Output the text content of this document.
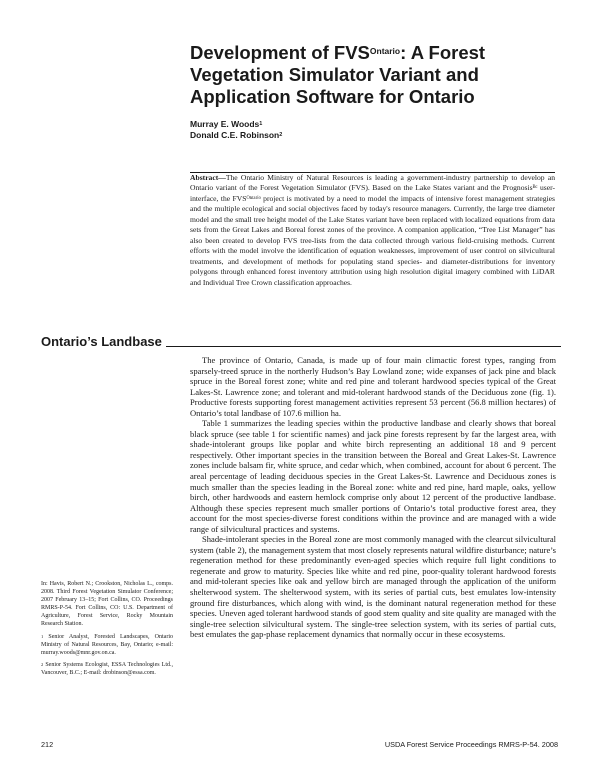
Development of $FVS^{Ontario}$: A Forest Vegetation Simulator Variant and Application Software for Ontario
Murray E. Woods$^1$
Donald C.E. Robinson$^2$
Abstract—The Ontario Ministry of Natural Resources is leading a government-industry partnership to develop an Ontario variant of the Forest Vegetation Simulator (FVS). Based on the Lake States variant and the Prognosisᴮᶜ user-interface, the FVSᴼⁿᵗᵃʳⁱᵒ project is motivated by a need to model the impacts of intensive forest management strategies and the multiple ecological and social objectives faced by today's resource managers. Currently, the large tree diameter model and the small tree height model of the Lake States variant have been replaced with localized equations from data sets from the Great Lakes and Boreal forest zones of the province. A companion application, “Tree List Manager” has also been created to develop FVS tree-lists from the data collected through various field-cruising methods. Current efforts with the model involve the identification of equation weaknesses, improvement of user control on silvicultural treatments, and development of methods for populating stand species- and diameter-distributions for inventory polygons through enhanced forest inventory attribution using high resolution digital imagery combined with LiDAR and Individual Tree Crown classification approaches.
Ontario’s Landbase

The province of Ontario, Canada, is made up of four main climactic forest types, ranging from sparsely-treed spruce in the northerly Hudson’s Bay Lowland zone; wide expanses of jack pine and black spruce in the Boreal forest zone; white and red pine and tolerant hardwood species typical of the Great Lakes-St. Lawrence zone; and tolerant and mid-tolerant hardwood stands of the Deciduous zone (fig. 1). Productive forests supporting forest management activities represent 53 percent (56.8 million hectares) of Ontario’s total landbase of 107.6 million ha.

Table 1 summarizes the leading species within the productive landbase and clearly shows that boreal black spruce (see table 1 for scientific names) and jack pine forests represent by far the largest area, with shade-intolerant groups like poplar and white birch representing an additional 18 and 9 percent respectively. Other important species in the transition between the Boreal and Great Lakes-St. Lawrence zones include balsam fir, white spruce, and cedar which, when combined, account for about 6 percent. The areal percentage of leading deciduous species in the Great Lakes-St. Lawrence and Deciduous zones is much smaller than the species leading in the Boreal zone: white and red pine, hard maple, oaks, yellow birch, other hardwoods and eastern hemlock comprise only about 12 percent of the productive landbase. Although these species represent much smaller portions of Ontario’s total productive forest area, they account for the most species-diverse forest conditions within the province and are managed with a wide range of silvicultural practices and systems.

Shade-intolerant species in the Boreal zone are most commonly managed with the clearcut silvicultural system (table 2), the management system that most closely represents natural wildfire disturbance; nature’s regeneration method for these predominantly even-aged species which require full light conditions to regenerate and grow to maturity. Species like white and red pine, poor-quality tolerant hardwood forests and mid-tolerant species like oak and yellow birch are managed through the application of the uniform shelterwood system. The shelterwood system, with its series of partial cuts, best emulates low-intensity ground fire disturbances, which along with wind, is the dominant natural regeneration method for these species. Uneven aged tolerant hardwood stands of good stem quality and site quality are managed with the single-tree selection silvicultural system. The single-tree selection system, with its series of partial cuts, best emulates the gap-phase replacement dynamics that normally occur in these ecosystems.

In: Havis, Robert N.; Crookston, Nicholas L., comps. 2008. Third Forest Vegetation Simulator Conference; 2007 February 13–15; Fort Collins, CO. Proceedings RMRS-P-54. Fort Collins, CO: U.S. Department of Agriculture, Forest Service, Rocky Mountain Research Station.

$^1$ Senior Analyst, Forested Landscapes, Ontario Ministry of Natural Resources, Bay, Ontario; e-mail: murray.woods@mnr.gov.on.ca.

$^2$ Senior Systems Ecologist, ESSA Technologies Ltd., Vancouver, B.C.; E-mail: drobinson@essa.com.

212	USDA Forest Service Proceedings RMRS-P-54. 2008
